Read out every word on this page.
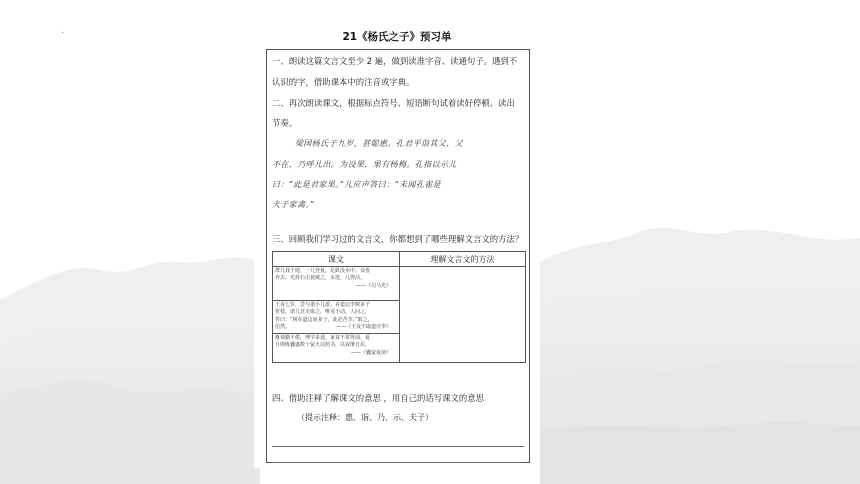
.
21《杨氏之子》预习单
一、朗读这篇文言文至少 2 遍，做到读准字音、读通句子。遇到不
认识的字，借助课本中的注音或字典。
二、再次朗读课文，根据标点符号、短语断句试着读好停顿、读出
节奏。
梁国杨氏子九岁，甚聪惠。孔君平诣其父，父
不在，乃呼儿出。为设果，果有杨梅。孔指以示儿
曰：“此是君家果。”儿应声答曰：“未闻孔雀是
夫子家禽。”
三、回顾我们学习过的文言文，你都想到了哪些理解文言文的方法？
课文	理解文言文的方法

群儿戏于庭，一儿登瓮，足跌没水中。众皆
弃去，光持石击瓮破之，水迸，儿得活。
——《司马光》	

王戎七岁，尝与诸小儿游。看道边李树多子
折枝，诸儿竞走取之，唯戎不动。人问之，
答曰：“树在道边而多子，此必苦李。”取之，
信然。 ——《王戎不取道旁李》	

胤恭勤不倦，博学多通。家贫不常得油，夏
月则练囊盛数十萤火以照书，以夜继日焉。
——《囊萤夜读》	
四、借助注释了解课文的意思 ，用自己的话写课文的意思
（提示注释：惠、诣、乃、示、夫子）
